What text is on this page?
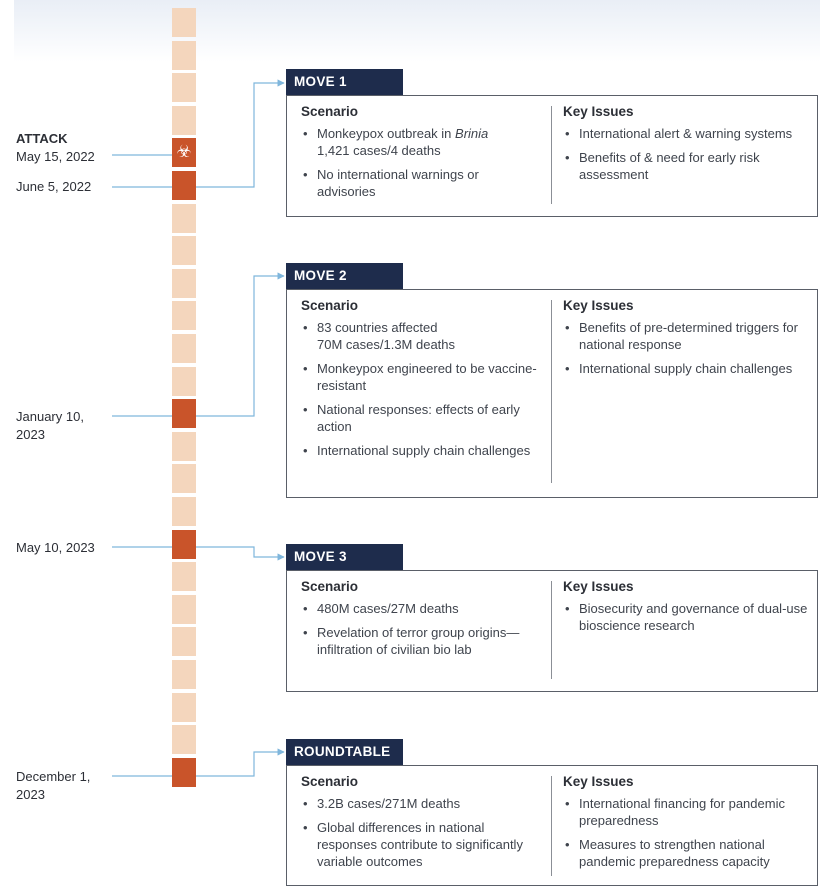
☣
ATTACK
May 15, 2022
June 5, 2022
January 10,
2023
May 10, 2023
December 1,
2023
MOVE 1
Scenario
• Monkeypox outbreak in Brinia
1,421 cases/4 deaths
• No international warnings or advisories
Key Issues
• International alert & warning systems
• Benefits of & need for early risk assessment
MOVE 2
Scenario
• 83 countries affected
70M cases/1.3M deaths
• Monkeypox engineered to be vaccine-resistant
• National responses: effects of early action
• International supply chain challenges
Key Issues
• Benefits of pre-determined triggers for national response
• International supply chain challenges
MOVE 3
Scenario
• 480M cases/27M deaths
• Revelation of terror group origins—infiltration of civilian bio lab
Key Issues
• Biosecurity and governance of dual-use bioscience research
ROUNDTABLE
Scenario
• 3.2B cases/271M deaths
• Global differences in national responses contribute to significantly variable outcomes
Key Issues
• International financing for pandemic preparedness
• Measures to strengthen national pandemic preparedness capacity
